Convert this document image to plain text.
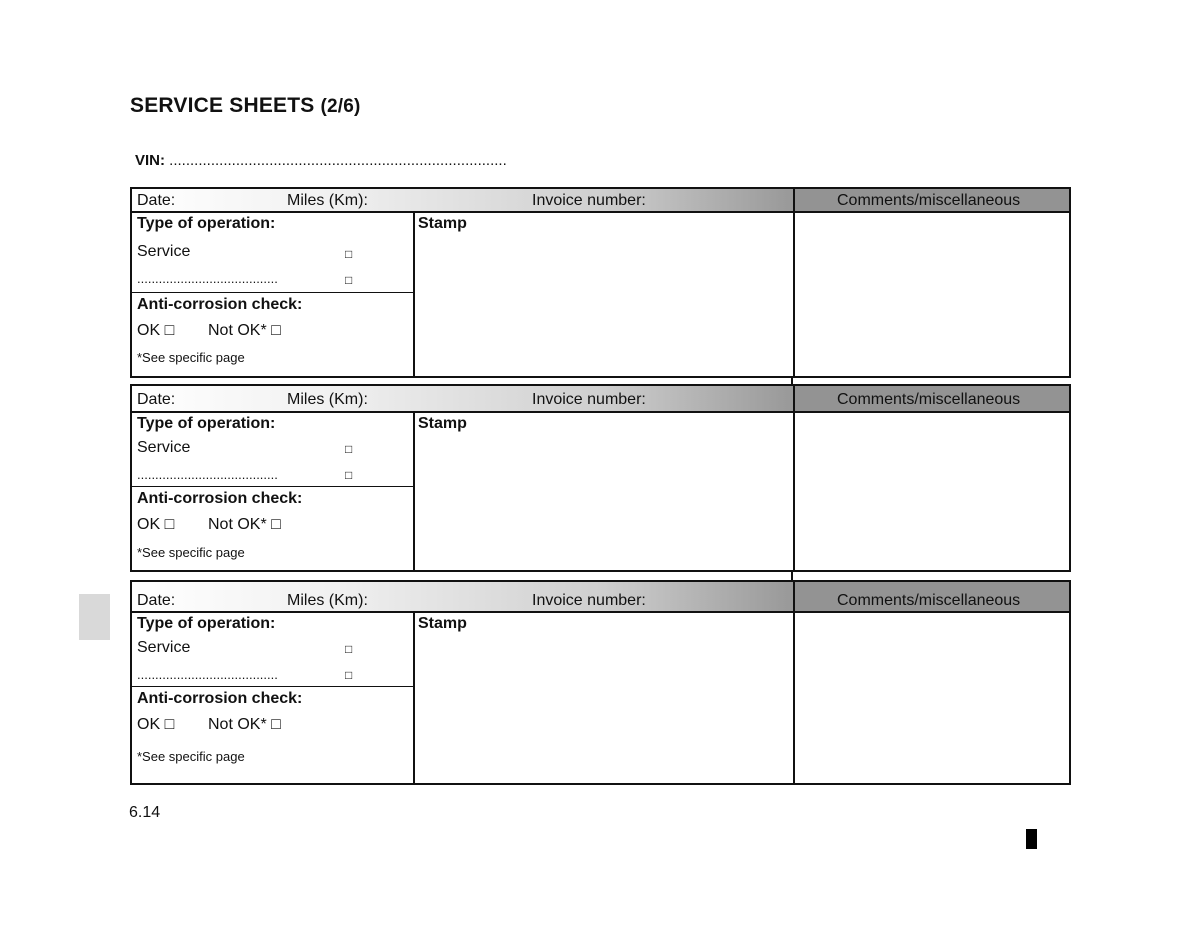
SERVICE SHEETS (2/6)
VIN: .................................................................................
Date:	Miles (Km):	Invoice number:	Comments/miscellaneous
Type of operation:
Service	□
.......................................	□
Anti-corrosion check:
OK □ Not OK* □
*See specific page
Stamp
Date:	Miles (Km):	Invoice number:	Comments/miscellaneous
Type of operation:
Service	□
.......................................	□
Anti-corrosion check:
OK □ Not OK* □
*See specific page
Stamp
Date:	Miles (Km):	Invoice number:	Comments/miscellaneous
Type of operation:
Service	□
.......................................	□
Anti-corrosion check:
OK □ Not OK* □
*See specific page
Stamp
6.14
